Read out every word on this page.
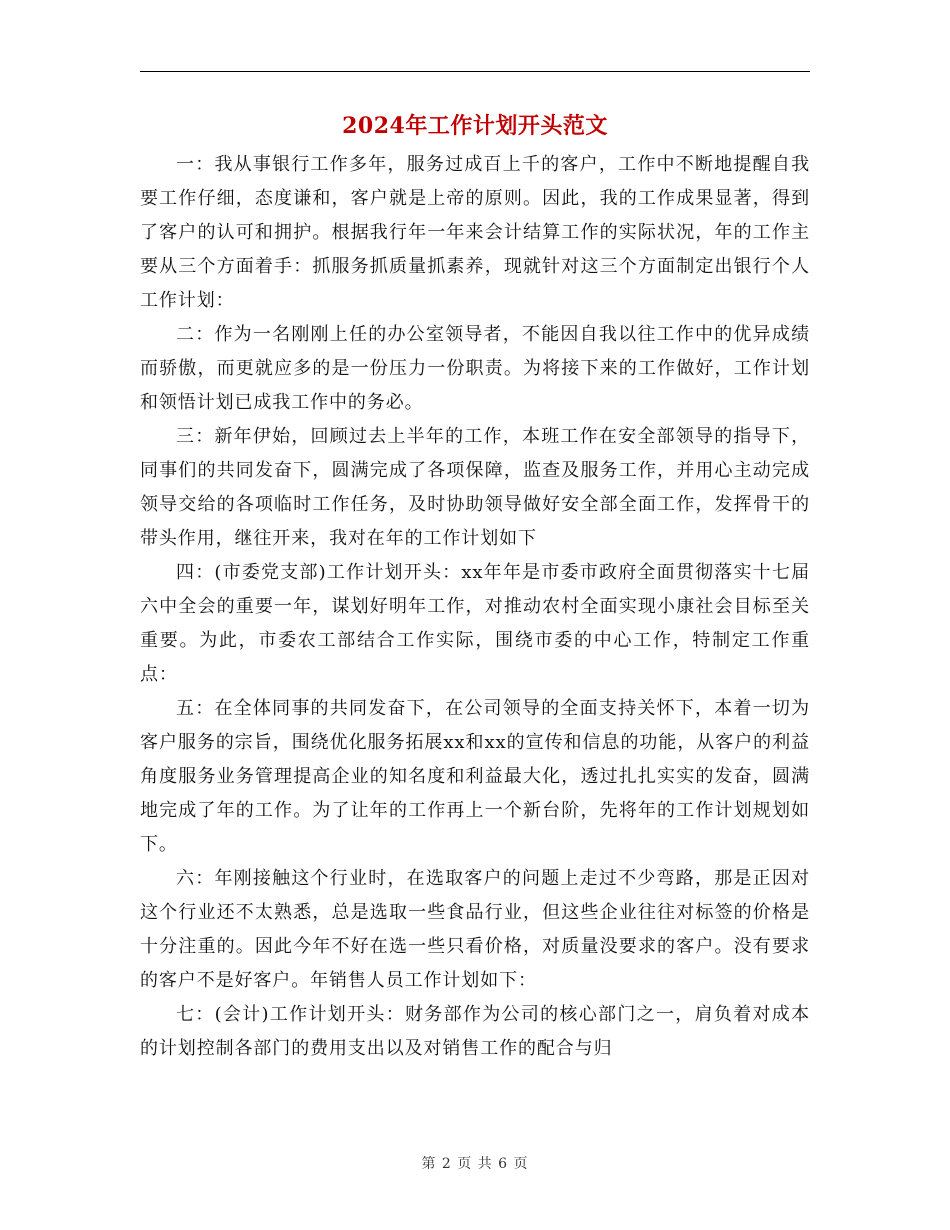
2024年工作计划开头范文

一：我从事银行工作多年，服务过成百上千的客户，工作中不断地提醒自我要工作仔细，态度谦和，客户就是上帝的原则。因此，我的工作成果显著，得到了客户的认可和拥护。根据我行年一年来会计结算工作的实际状况，年的工作主要从三个方面着手：抓服务抓质量抓素养，现就针对这三个方面制定出银行个人工作计划：

二：作为一名刚刚上任的办公室领导者，不能因自我以往工作中的优异成绩而骄傲，而更就应多的是一份压力一份职责。为将接下来的工作做好，工作计划和领悟计划已成我工作中的务必。

三：新年伊始，回顾过去上半年的工作，本班工作在安全部领导的指导下，同事们的共同发奋下，圆满完成了各项保障，监查及服务工作，并用心主动完成领导交给的各项临时工作任务，及时协助领导做好安全部全面工作，发挥骨干的带头作用，继往开来，我对在年的工作计划如下

四：(市委党支部)工作计划开头：xx年年是市委市政府全面贯彻落实十七届六中全会的重要一年，谋划好明年工作，对推动农村全面实现小康社会目标至关重要。为此，市委农工部结合工作实际，围绕市委的中心工作，特制定工作重点：

五：在全体同事的共同发奋下，在公司领导的全面支持关怀下，本着一切为客户服务的宗旨，围绕优化服务拓展xx和xx的宣传和信息的功能，从客户的利益角度服务业务管理提高企业的知名度和利益最大化，透过扎扎实实的发奋，圆满地完成了年的工作。为了让年的工作再上一个新台阶，先将年的工作计划规划如下。

六：年刚接触这个行业时，在选取客户的问题上走过不少弯路，那是正因对这个行业还不太熟悉，总是选取一些食品行业，但这些企业往往对标签的价格是十分注重的。因此今年不好在选一些只看价格，对质量没要求的客户。没有要求的客户不是好客户。年销售人员工作计划如下：

七：(会计)工作计划开头：财务部作为公司的核心部门之一，肩负着对成本的计划控制各部门的费用支出以及对销售工作的配合与归

第 2 页 共 6 页
